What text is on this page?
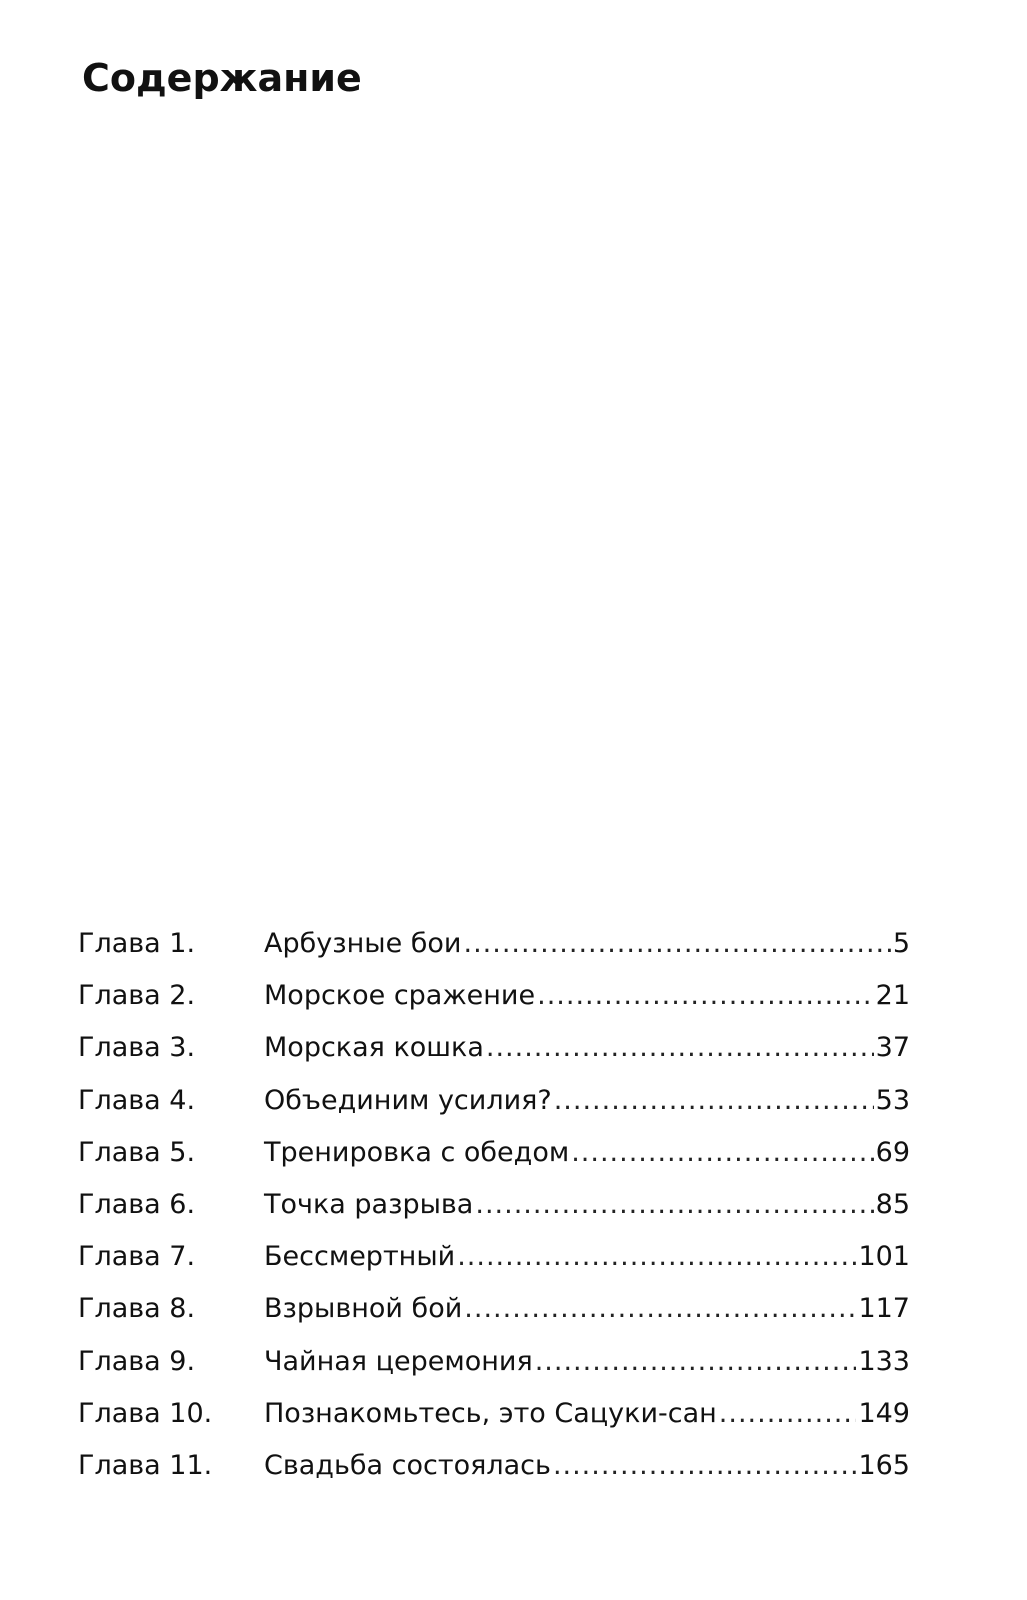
Содержание
Глава 1.	Арбузные бои .....	5
Глава 2.	Морское сражение .....	21
Глава 3.	Морская кошка .....	37
Глава 4.	Объединим усилия? .....	53
Глава 5.	Тренировка с обедом .....	69
Глава 6.	Точка разрыва .....	85
Глава 7.	Бессмертный .....	101
Глава 8.	Взрывной бой .....	117
Глава 9.	Чайная церемония .....	133
Глава 10.	Познакомьтесь, это Сацуки-сан .....	149
Глава 11.	Свадьба состоялась .....	165
